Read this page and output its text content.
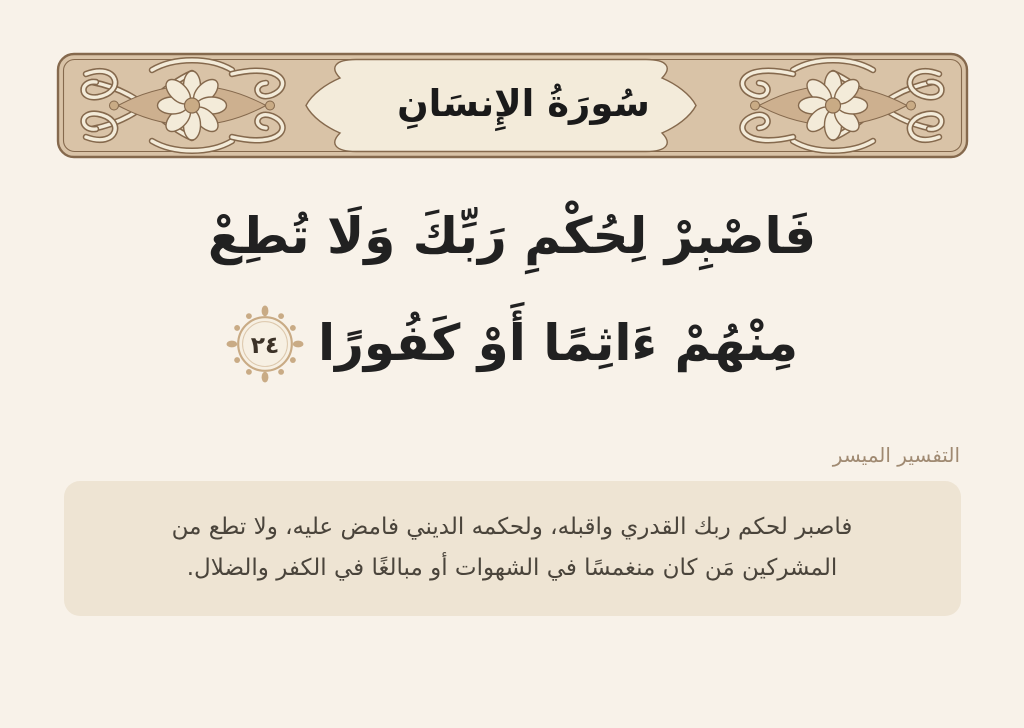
سُورَةُ الإِنسَانِ
فَاصْبِرْ لِحُكْمِ رَبِّكَ وَلَا تُطِعْ
مِنْهُمْ ءَاثِمًا أَوْ كَفُورًا
٢٤
التفسير الميسر

فاصبر لحكم ربك القدري واقبله، ولحكمه الديني فامض عليه، ولا تطع من المشركين مَن كان منغمسًا في الشهوات أو مبالغًا في الكفر والضلال.
